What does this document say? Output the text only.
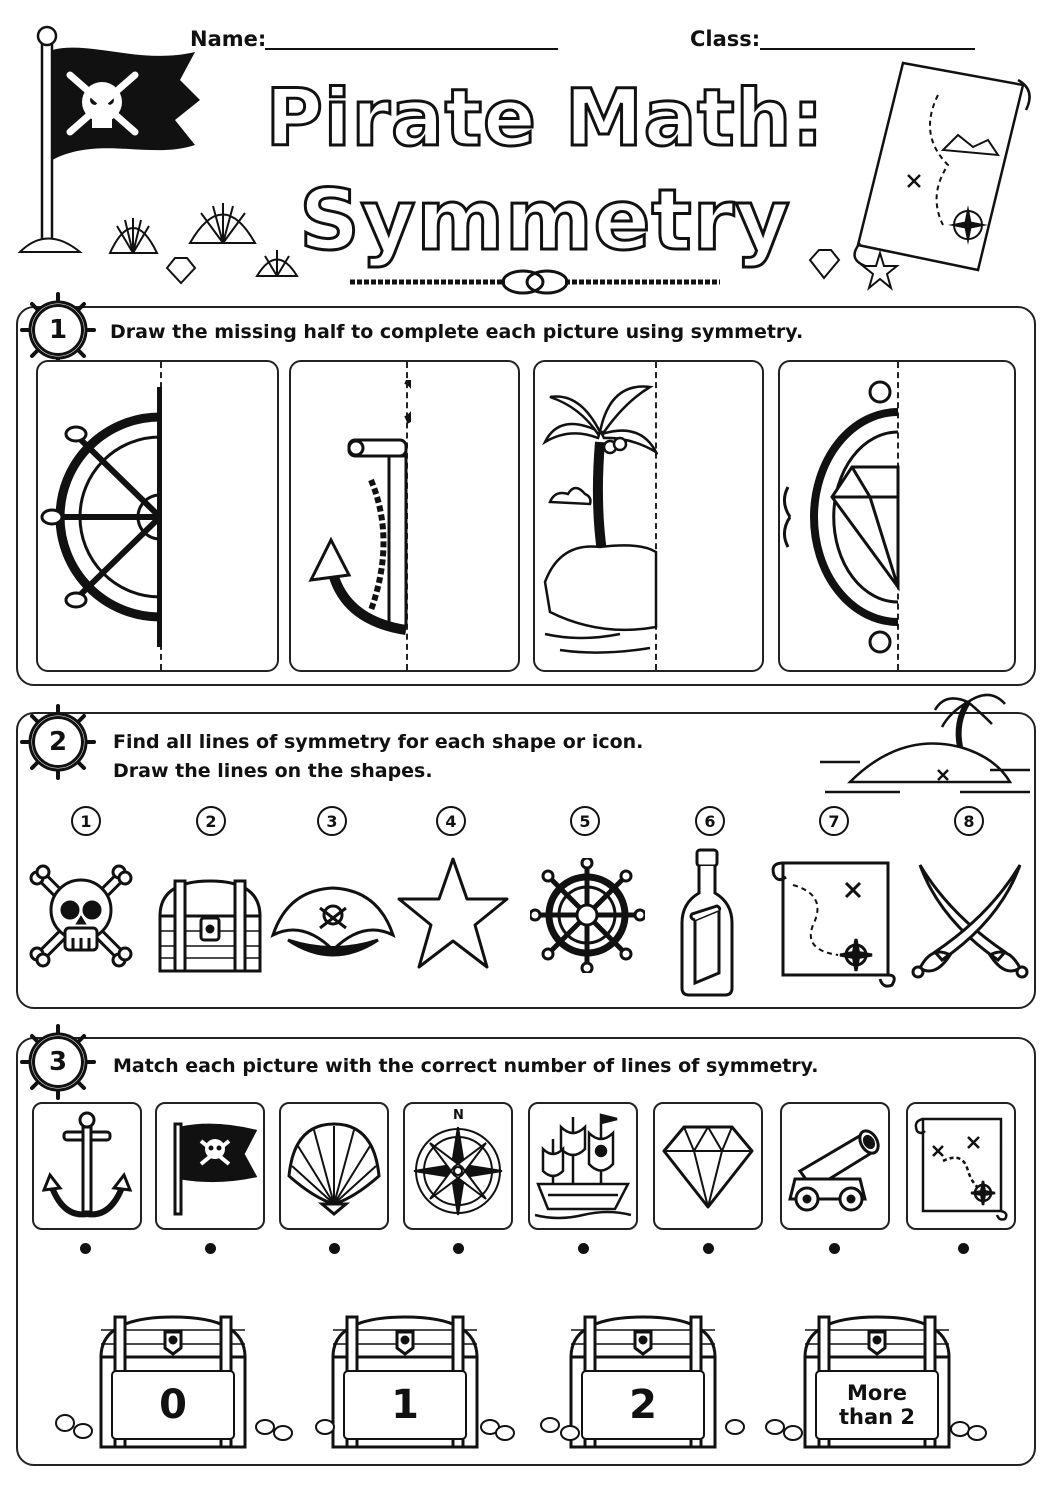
Name:	Class:
Pirate Math:
Symmetry
1	Draw the missing half to complete each picture using symmetry.
2	Find all lines of symmetry for each shape or icon.
Draw the lines on the shapes.
1	2	3	4	5	6	7	8
3	Match each picture with the correct number of lines of symmetry.
N
0	1	2	More
than 2
